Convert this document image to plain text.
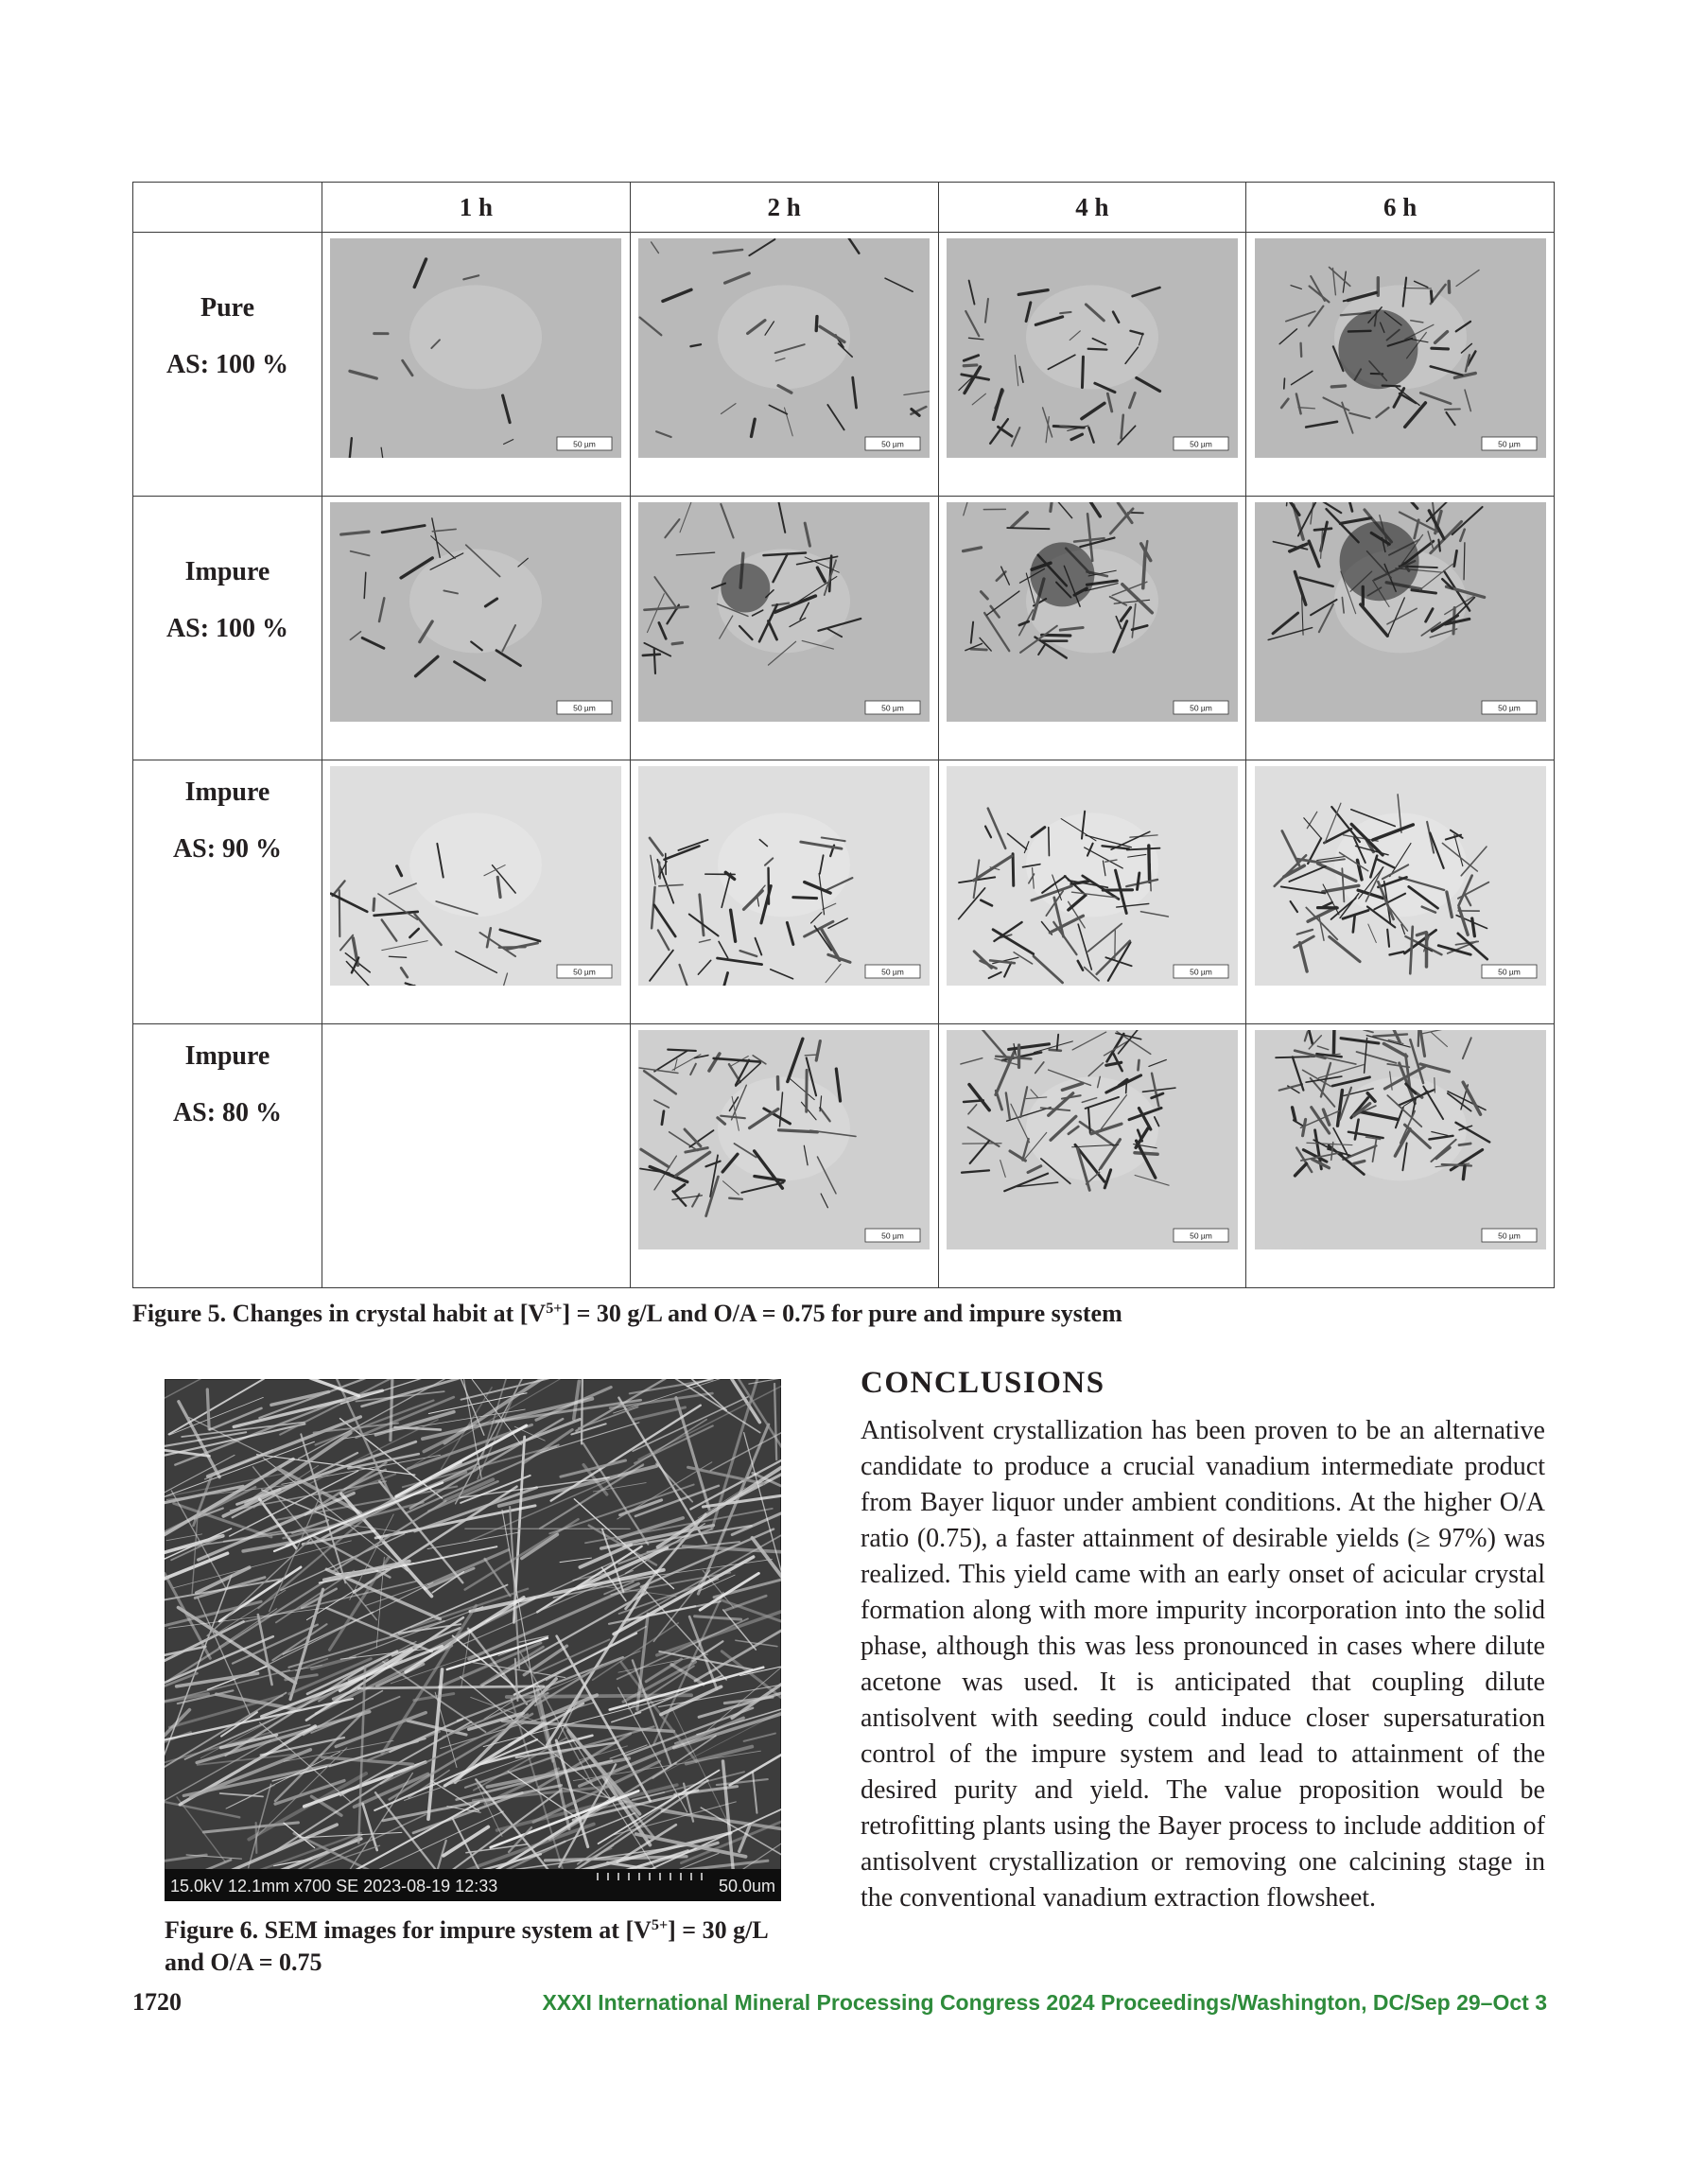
	1 h	2 h	4 h	6 h

Pure
AS: 100 %	50 µm	50 µm	50 µm	50 µm

Impure
AS: 100 %	50 µm	50 µm	50 µm	50 µm

Impure
AS: 90 %	50 µm	50 µm	50 µm	50 µm

Impure
AS: 80 %		50 µm	50 µm	50 µm
Figure 5. Changes in crystal habit at $[V^{5+}] = 30$ g/L and O/A = 0.75 for pure and impure system
15.0kV 12.1mm x700 SE 2023-08-19 12:33	50.0um
Figure 6. SEM images for impure system at $[V^{5+}] = 30$ g/L and O/A = 0.75
CONCLUSIONS

Antisolvent crystallization has been proven to be an alternative candidate to produce a crucial vanadium intermediate product from Bayer liquor under ambient conditions. At the higher O/A ratio (0.75), a faster attainment of desirable yields (≥ 97%) was realized. This yield came with an early onset of acicular crystal formation along with more impurity incorporation into the solid phase, although this was less pronounced in cases where dilute acetone was used. It is anticipated that coupling dilute antisolvent with seeding could induce closer supersaturation control of the impure system and lead to attainment of the desired purity and yield. The value proposition would be retrofitting plants using the Bayer process to include addition of antisolvent crystallization or removing one calcining stage in the conventional vanadium extraction flowsheet.

1720	XXXI International Mineral Processing Congress 2024 Proceedings/Washington, DC/Sep 29–Oct 3
